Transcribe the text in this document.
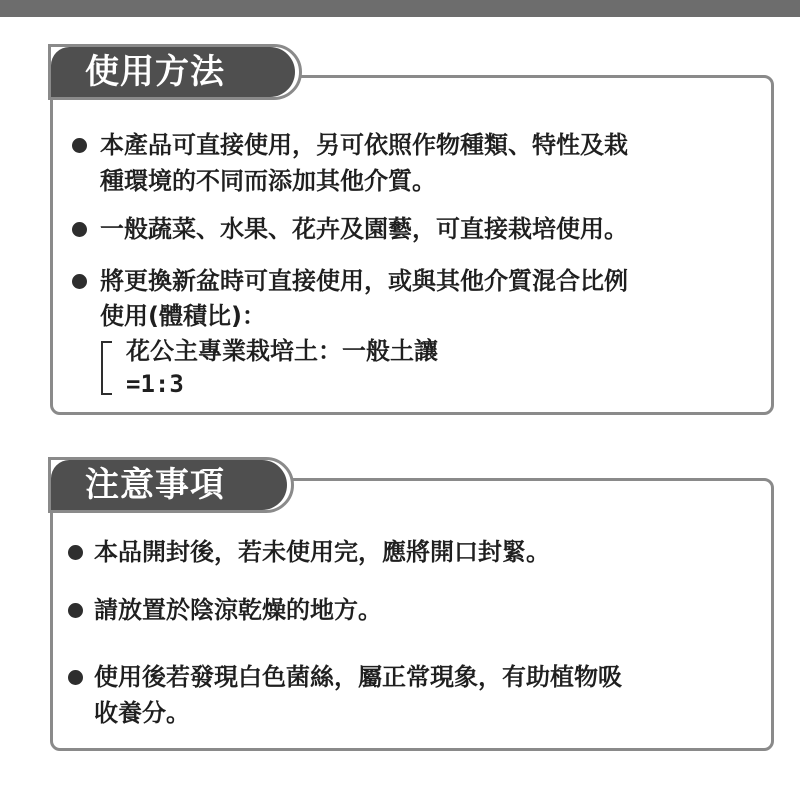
使用方法
本產品可直接使用，另可依照作物種類、特性及栽
種環境的不同而添加其他介質。
一般蔬菜、水果、花卉及園藝，可直接栽培使用。
將更換新盆時可直接使用，或與其他介質混合比例
使用(體積比)：
花公主專業栽培土：一般土讓
=1:3
注意事項
本品開封後，若未使用完，應將開口封緊。
請放置於陰涼乾燥的地方。
使用後若發現白色菌絲，屬正常現象，有助植物吸
收養分。
